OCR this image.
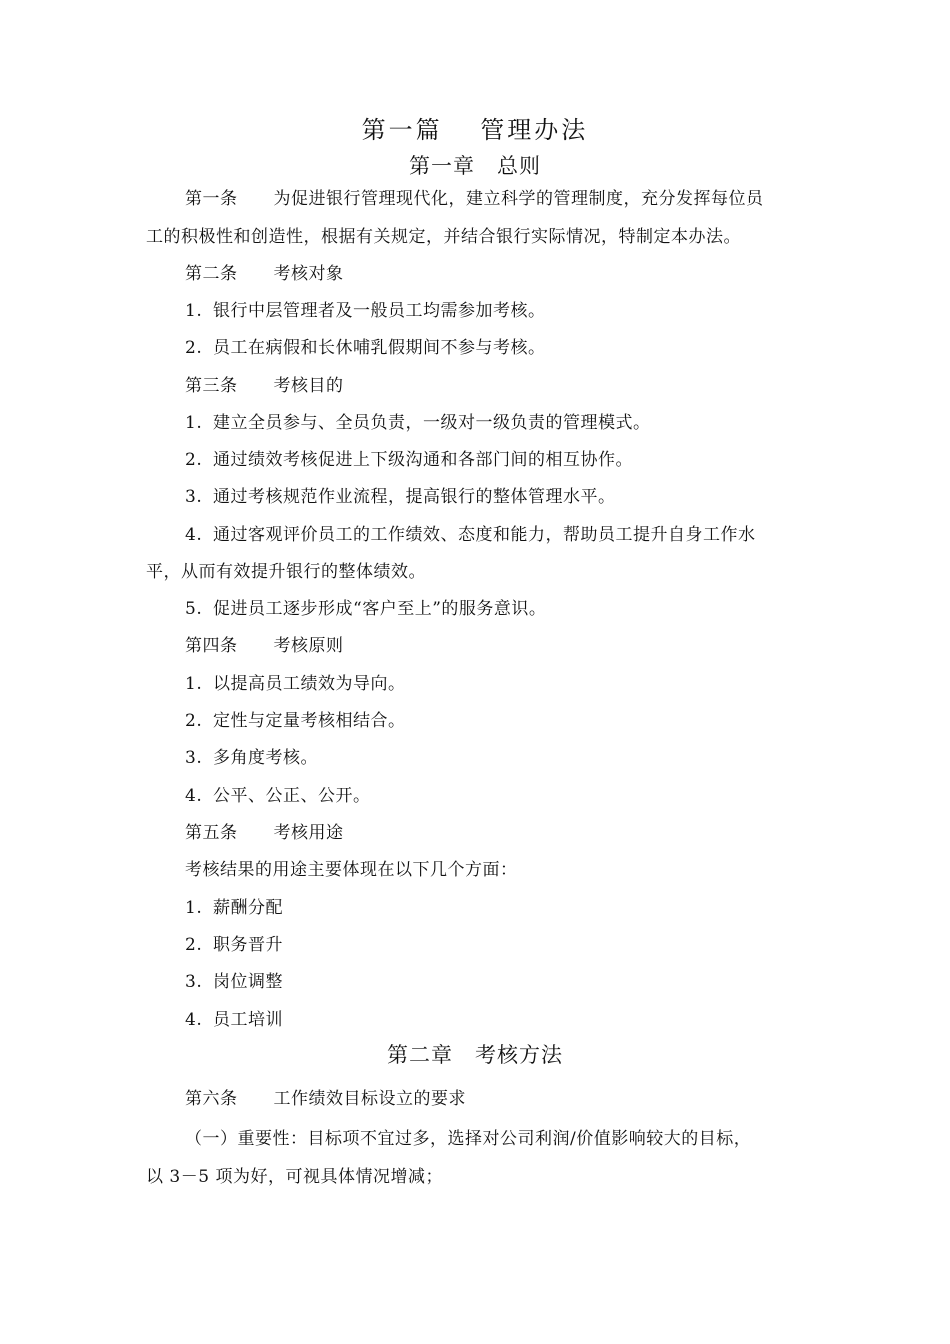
第一篇　 管理办法
第一章　总则
第一条 为促进银行管理现代化，建立科学的管理制度，充分发挥每位员
工的积极性和创造性，根据有关规定，并结合银行实际情况，特制定本办法。
第二条 考核对象
1. 银行中层管理者及一般员工均需参加考核。
2. 员工在病假和长休哺乳假期间不参与考核。
第三条 考核目的
1. 建立全员参与、全员负责，一级对一级负责的管理模式。
2. 通过绩效考核促进上下级沟通和各部门间的相互协作。
3. 通过考核规范作业流程，提高银行的整体管理水平。
4. 通过客观评价员工的工作绩效、态度和能力，帮助员工提升自身工作水
平，从而有效提升银行的整体绩效。
5. 促进员工逐步形成“客户至上”的服务意识。
第四条 考核原则
1. 以提高员工绩效为导向。
2. 定性与定量考核相结合。
3. 多角度考核。
4. 公平、公正、公开。
第五条 考核用途
考核结果的用途主要体现在以下几个方面：
1. 薪酬分配
2. 职务晋升
3. 岗位调整
4. 员工培训
第二章　考核方法
第六条 工作绩效目标设立的要求
（一）重要性：目标项不宜过多，选择对公司利润/价值影响较大的目标，
以 3－5 项为好，可视具体情况增减；
